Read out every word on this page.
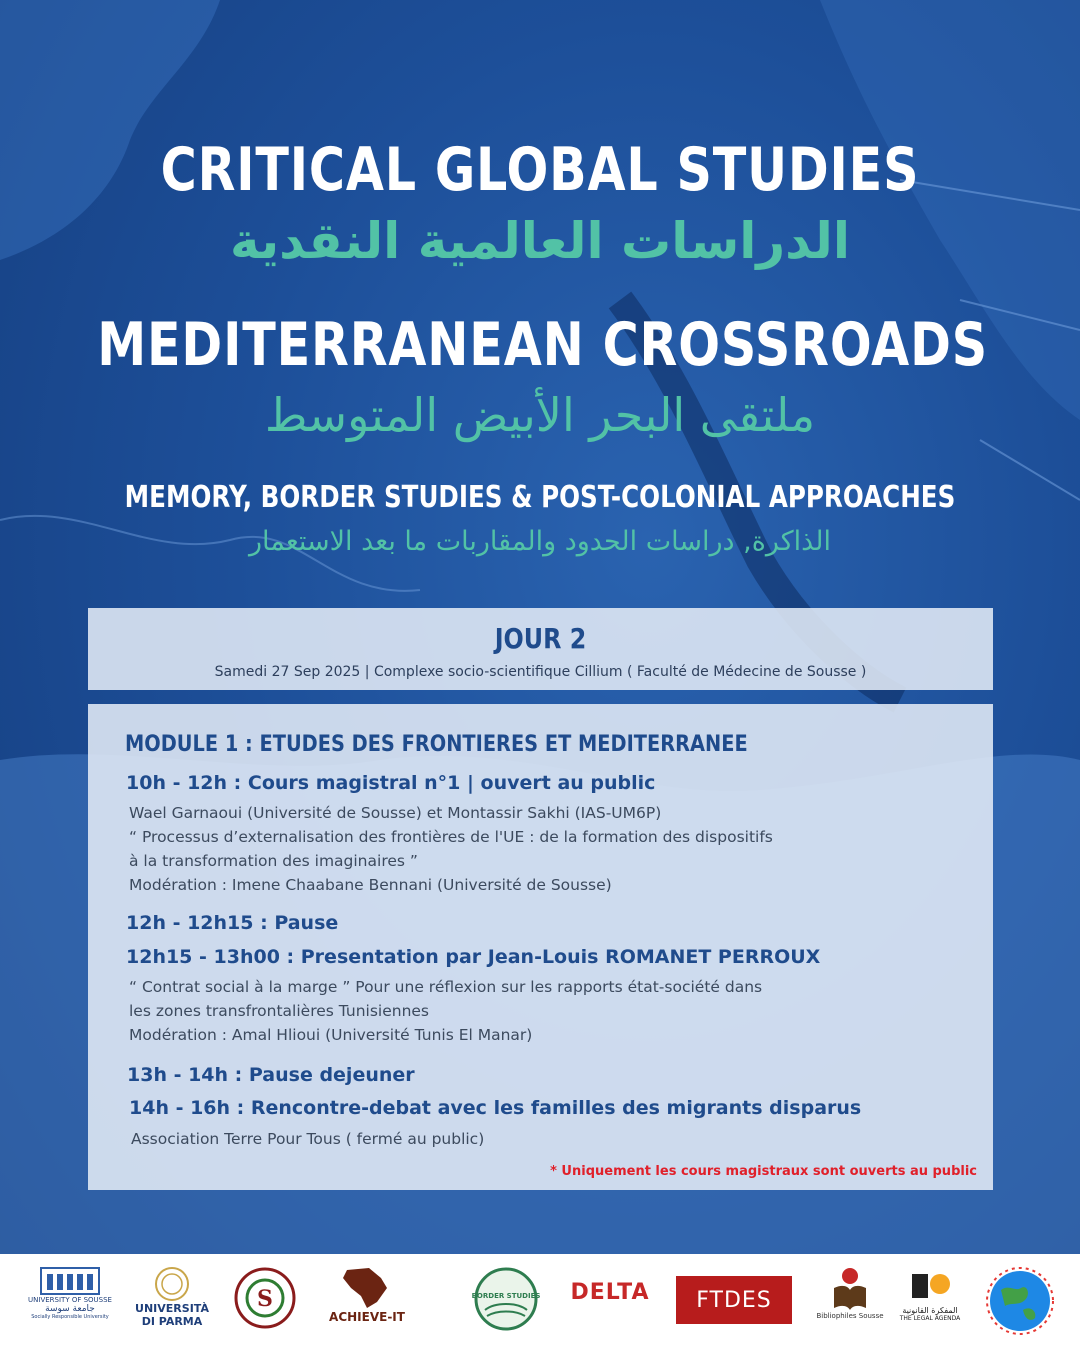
CRITICAL GLOBAL STUDIES
الدراسات العالمية النقدية
MEDITERRANEAN CROSSROADS
ملتقى البحر الأبيض المتوسط
MEMORY, BORDER STUDIES & POST-COLONIAL APPROACHES
الذاكرة, دراسات الحدود والمقاربات ما بعد الاستعمار
JOUR 2
Samedi 27 Sep 2025 | Complexe socio-scientifique Cillium ( Faculté de Médecine de Sousse )
MODULE 1 : ETUDES DES FRONTIERES ET MEDITERRANEE
10h - 12h : Cours magistral n°1 | ouvert au public
Wael Garnaoui (Université de Sousse) et Montassir Sakhi (IAS-UM6P)
“ Processus d’externalisation des frontières de l'UE : de la formation des dispositifs
à la transformation des imaginaires ”
Modération : Imene Chaabane Bennani (Université de Sousse)
12h - 12h15 : Pause
12h15 - 13h00 : Presentation par Jean-Louis ROMANET PERROUX
“ Contrat social à la marge ” Pour une réflexion sur les rapports état-société dans
les zones transfrontalières Tunisiennes
Modération : Amal Hlioui (Université Tunis El Manar)
13h - 14h : Pause dejeuner
14h - 16h : Rencontre-debat avec les familles des migrants disparus
Association Terre Pour Tous ( fermé au public)
* Uniquement les cours magistraux sont ouverts au public
UNIVERSITY OF SOUSSE
جامعة سوسة
Socially Responsible University
UNIVERSITÀ
DI PARMA
S
ACHIEVE-IT
BORDER STUDIES DELTA FTDES
Bibliophiles Sousse
المفكرة القانونية
THE LEGAL AGENDA
